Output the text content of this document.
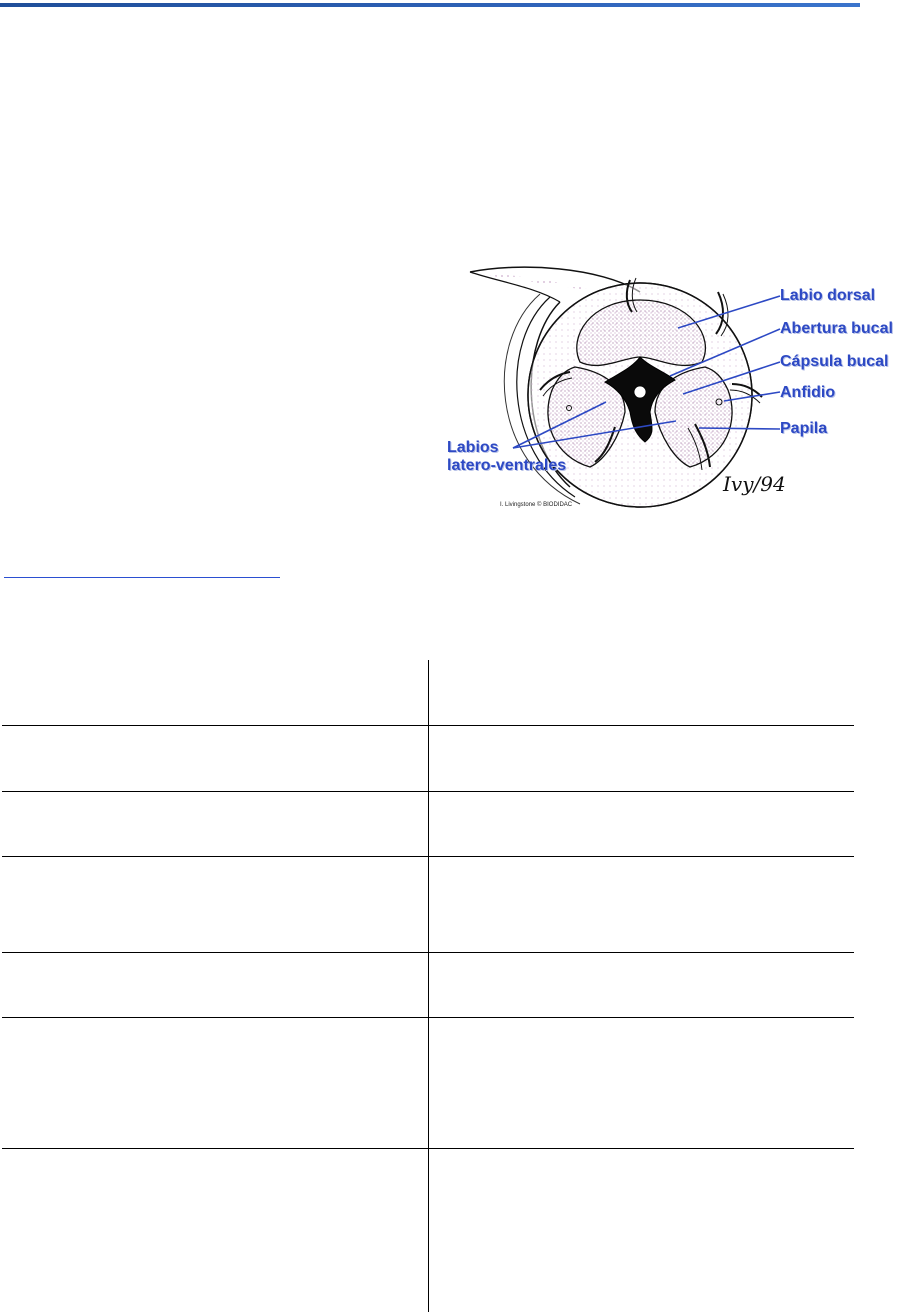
Labio dorsal
Abertura bucal
Cápsula bucal
Anfidio
Papila
Labios
latero-ventrales
I. Livingstone © BIODIDAC
Ivy/94
